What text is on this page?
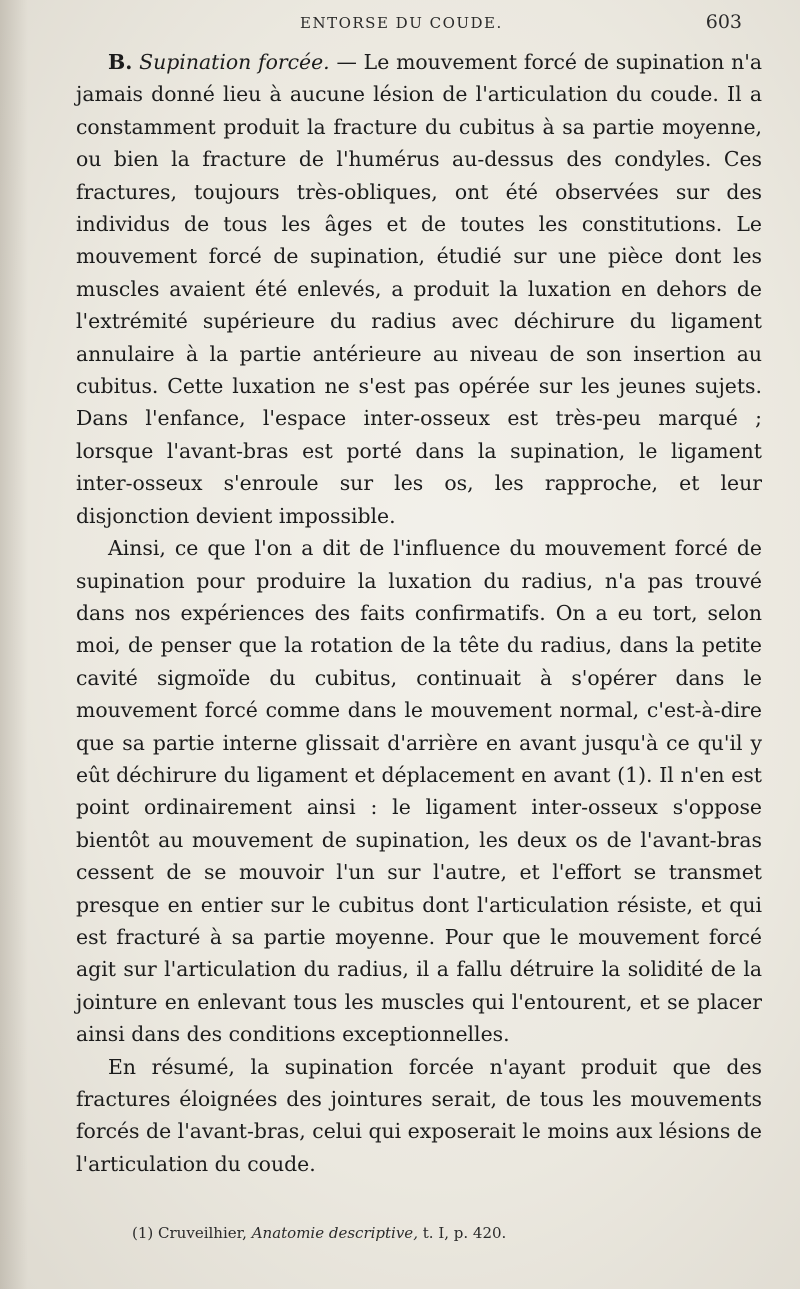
ENTORSE DU COUDE.	603

B. Supination forcée. — Le mouvement forcé de supination n'a jamais donné lieu à aucune lésion de l'articulation du coude. Il a constamment produit la fracture du cubitus à sa partie moyenne, ou bien la fracture de l'humérus au-dessus des condyles. Ces fractures, toujours très-obliques, ont été observées sur des individus de tous les âges et de toutes les constitutions. Le mouvement forcé de supination, étudié sur une pièce dont les muscles avaient été enlevés, a produit la luxation en dehors de l'extrémité supérieure du radius avec déchirure du ligament annulaire à la partie antérieure au niveau de son insertion au cubitus. Cette luxation ne s'est pas opérée sur les jeunes sujets. Dans l'enfance, l'espace inter-osseux est très-peu marqué ; lorsque l'avant-bras est porté dans la supination, le ligament inter-osseux s'enroule sur les os, les rapproche, et leur disjonction devient impossible.

Ainsi, ce que l'on a dit de l'influence du mouvement forcé de supination pour produire la luxation du radius, n'a pas trouvé dans nos expériences des faits confirmatifs. On a eu tort, selon moi, de penser que la rotation de la tête du radius, dans la petite cavité sigmoïde du cubitus, continuait à s'opérer dans le mouvement forcé comme dans le mouvement normal, c'est-à-dire que sa partie interne glissait d'arrière en avant jusqu'à ce qu'il y eût déchirure du ligament et déplacement en avant (1). Il n'en est point ordinairement ainsi : le ligament inter-osseux s'oppose bientôt au mouvement de supination, les deux os de l'avant-bras cessent de se mouvoir l'un sur l'autre, et l'effort se transmet presque en entier sur le cubitus dont l'articulation résiste, et qui est fracturé à sa partie moyenne. Pour que le mouvement forcé agit sur l'articulation du radius, il a fallu détruire la solidité de la jointure en enlevant tous les muscles qui l'entourent, et se placer ainsi dans des conditions exceptionnelles.

En résumé, la supination forcée n'ayant produit que des fractures éloignées des jointures serait, de tous les mouvements forcés de l'avant-bras, celui qui exposerait le moins aux lésions de l'articulation du coude.

(1) Cruveilhier, Anatomie descriptive, t. I, p. 420.
